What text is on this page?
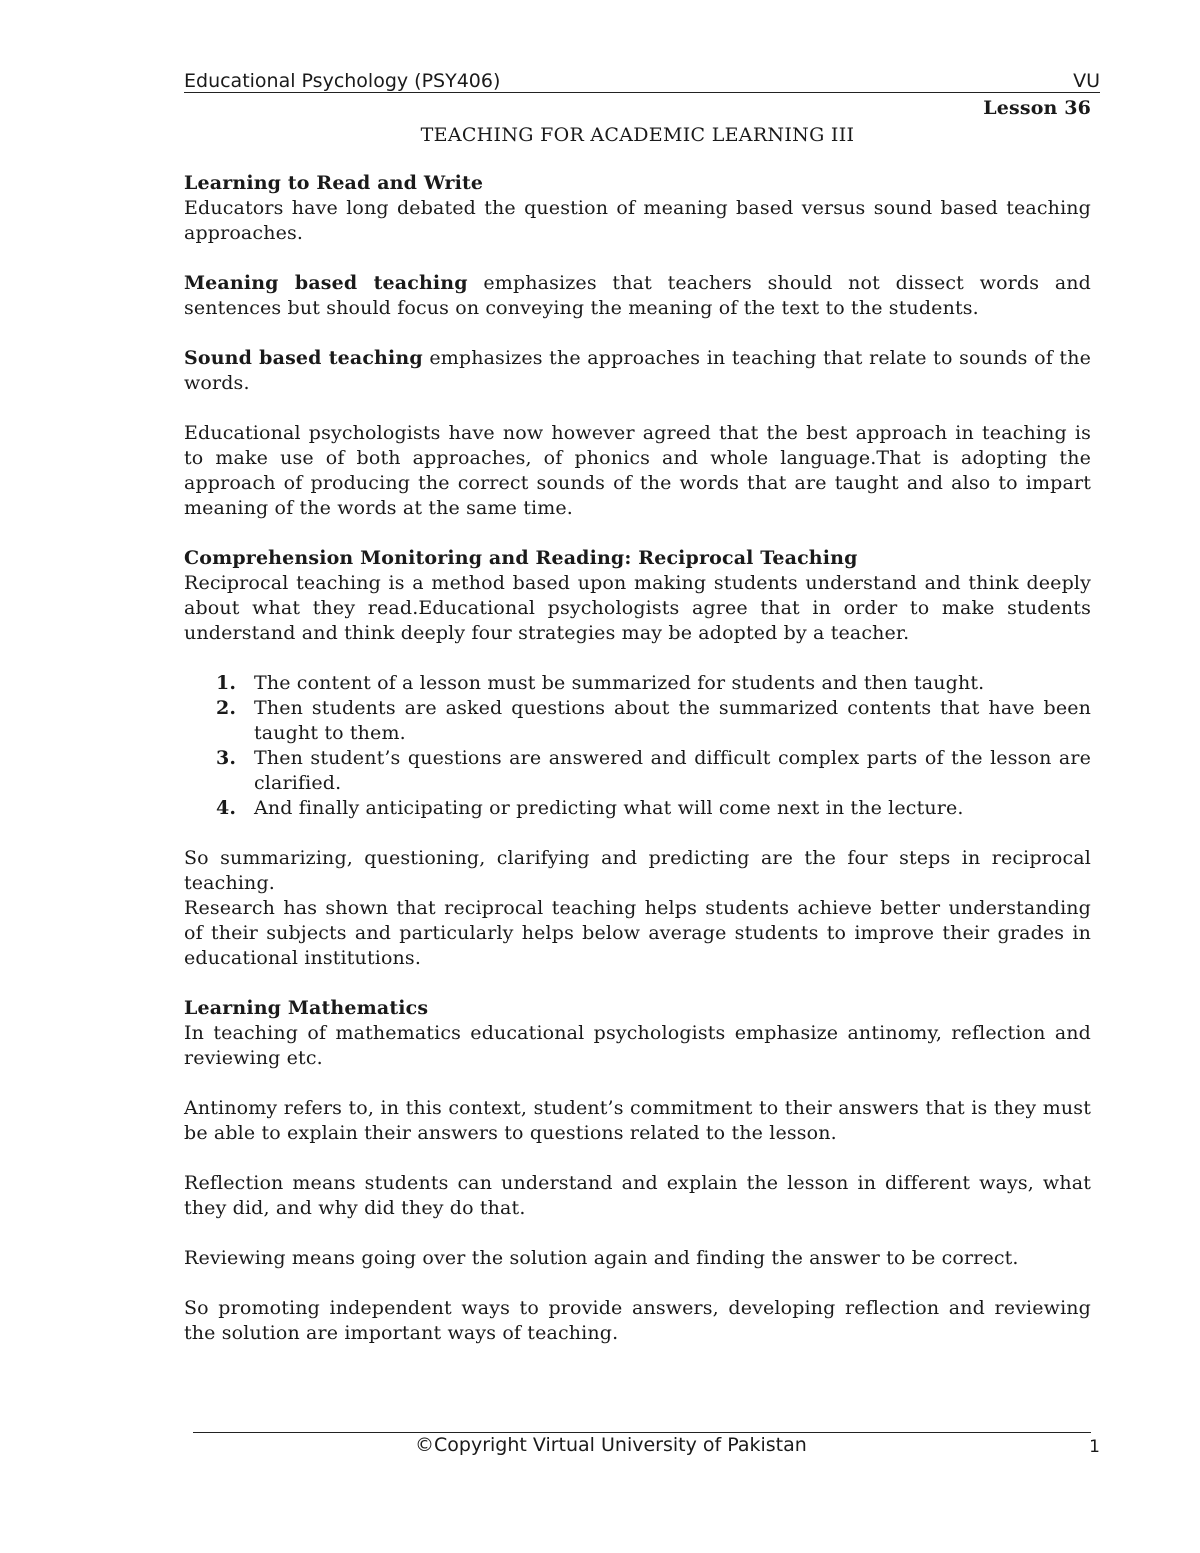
Educational Psychology (PSY406)	VU
Lesson 36
TEACHING FOR ACADEMIC LEARNING III

Learning to Read and Write

Educators have long debated the question of meaning based versus sound based teaching approaches.

Meaning based teaching emphasizes that teachers should not dissect words and sentences but should focus on conveying the meaning of the text to the students.

Sound based teaching emphasizes the approaches in teaching that relate to sounds of the words.

Educational psychologists have now however agreed that the best approach in teaching is to make use of both approaches, of phonics and whole language.That is adopting the approach of producing the correct sounds of the words that are taught and also to impart meaning of the words at the same time.

Comprehension Monitoring and Reading: Reciprocal Teaching

Reciprocal teaching is a method based upon making students understand and think deeply about what they read.Educational psychologists agree that in order to make students understand and think deeply four strategies may be adopted by a teacher.

1. The content of a lesson must be summarized for students and then taught.
2. Then students are asked questions about the summarized contents that have been taught to them.
3. Then student’s questions are answered and difficult complex parts of the lesson are clarified.
4. And finally anticipating or predicting what will come next in the lecture.

So summarizing, questioning, clarifying and predicting are the four steps in reciprocal teaching.

Research has shown that reciprocal teaching helps students achieve better understanding of their subjects and particularly helps below average students to improve their grades in educational institutions.

Learning Mathematics

In teaching of mathematics educational psychologists emphasize antinomy, reflection and reviewing etc.

Antinomy refers to, in this context, student’s commitment to their answers that is they must be able to explain their answers to questions related to the lesson.

Reflection means students can understand and explain the lesson in different ways, what they did, and why did they do that.

Reviewing means going over the solution again and finding the answer to be correct.

So promoting independent ways to provide answers, developing reflection and reviewing the solution are important ways of teaching.

©Copyright Virtual University of Pakistan	1
